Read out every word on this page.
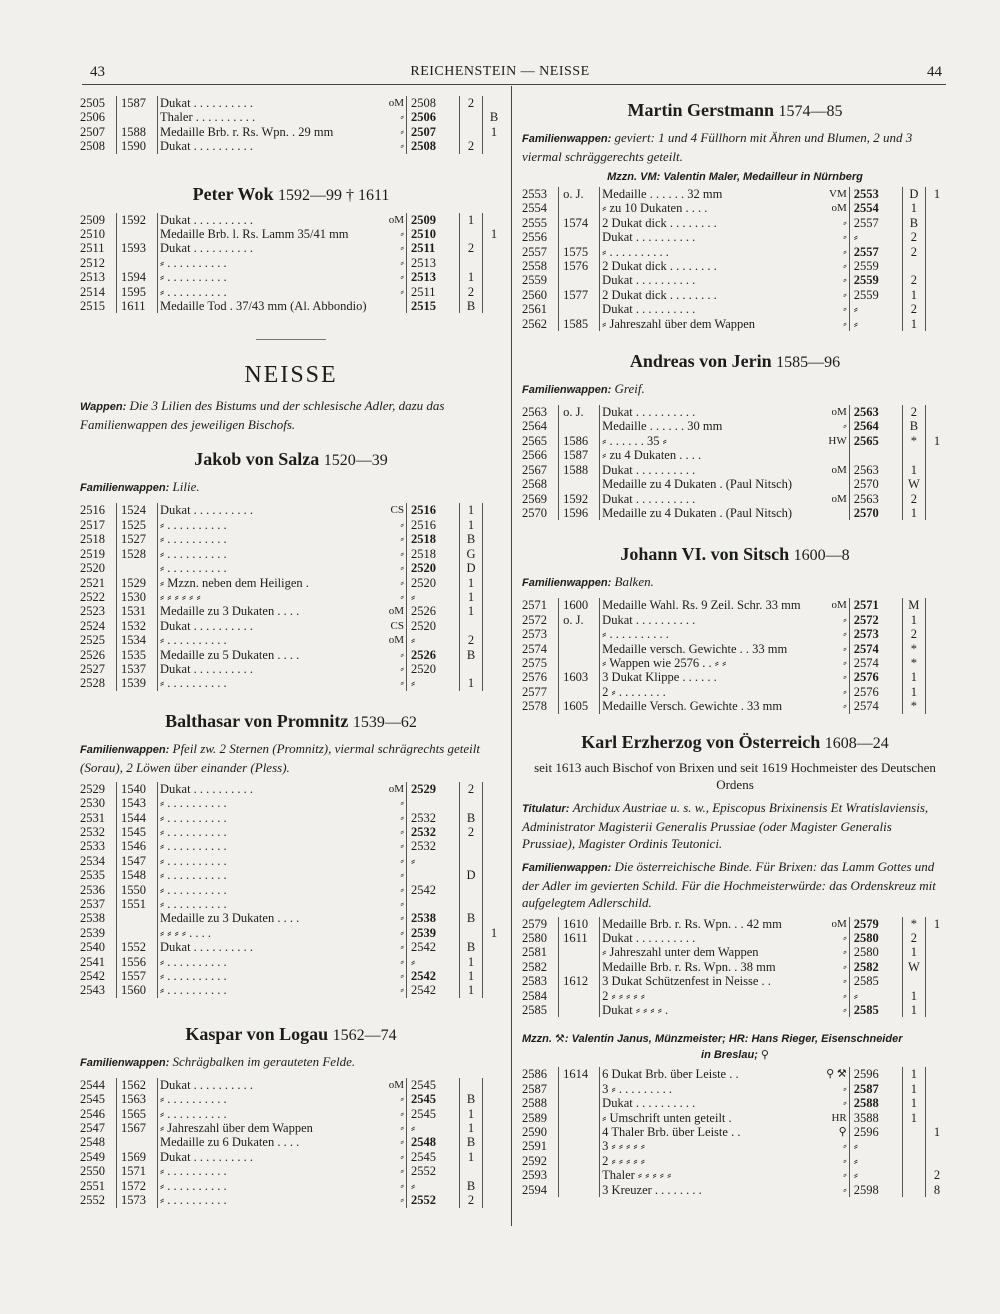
43	REICHENSTEIN — NEISSE	44
2505	1587	Dukat . . . . . . . . . .	oM	2508	2	
2506		Thaler . . . . . . . . . .	⸗	2506		B
2507	1588	Medaille Brb. r. Rs. Wpn. . 29 mm	⸗	2507		1
2508	1590	Dukat . . . . . . . . . .	⸗	2508	2	
Peter Wok 1592—99 † 1611
2509	1592	Dukat . . . . . . . . . .	oM	2509	1	
2510		Medaille Brb. l. Rs. Lamm 35/41 mm	⸗	2510		1
2511	1593	Dukat . . . . . . . . . .	⸗	2511	2	
2512		⸗ . . . . . . . . . .	⸗	2513		
2513	1594	⸗ . . . . . . . . . .	⸗	2513	1	
2514	1595	⸗ . . . . . . . . . .	⸗	2511	2	
2515	1611	Medaille Tod . 37/43 mm (Al. Abbondio)		2515	B	
NEISSE
Wappen: Die 3 Lilien des Bistums und der schlesische Adler, dazu das Familienwappen des jeweiligen Bischofs.
Jakob von Salza 1520—39
Familienwappen: Lilie.
2516	1524	Dukat . . . . . . . . . .	CS	2516	1	
2517	1525	⸗ . . . . . . . . . .	⸗	2516	1	
2518	1527	⸗ . . . . . . . . . .	⸗	2518	B	
2519	1528	⸗ . . . . . . . . . .	⸗	2518	G	
2520		⸗ . . . . . . . . . .	⸗	2520	D	
2521	1529	⸗ Mzzn. neben dem Heiligen .	⸗	2520	1	
2522	1530	⸗ ⸗ ⸗ ⸗ ⸗ ⸗	⸗	⸗	1	
2523	1531	Medaille zu 3 Dukaten . . . .	oM	2526	1	
2524	1532	Dukat . . . . . . . . . .	CS	2520		
2525	1534	⸗ . . . . . . . . . .	oM	⸗	2	
2526	1535	Medaille zu 5 Dukaten . . . .	⸗	2526	B	
2527	1537	Dukat . . . . . . . . . .	⸗	2520		
2528	1539	⸗ . . . . . . . . . .	⸗	⸗	1	
Balthasar von Promnitz 1539—62
Familienwappen: Pfeil zw. 2 Sternen (Promnitz), viermal schrägrechts geteilt (Sorau), 2 Löwen über einander (Pless).
2529	1540	Dukat . . . . . . . . . .	oM	2529	2	
2530	1543	⸗ . . . . . . . . . .	⸗			
2531	1544	⸗ . . . . . . . . . .	⸗	2532	B	
2532	1545	⸗ . . . . . . . . . .	⸗	2532	2	
2533	1546	⸗ . . . . . . . . . .	⸗	2532		
2534	1547	⸗ . . . . . . . . . .	⸗	⸗		
2535	1548	⸗ . . . . . . . . . .	⸗		D	
2536	1550	⸗ . . . . . . . . . .	⸗	2542		
2537	1551	⸗ . . . . . . . . . .	⸗			
2538		Medaille zu 3 Dukaten . . . .	⸗	2538	B	
2539		⸗ ⸗ ⸗ ⸗ . . . .	⸗	2539		1
2540	1552	Dukat . . . . . . . . . .	⸗	2542	B	
2541	1556	⸗ . . . . . . . . . .	⸗	⸗	1	
2542	1557	⸗ . . . . . . . . . .	⸗	2542	1	
2543	1560	⸗ . . . . . . . . . .	⸗	2542	1	
Kaspar von Logau 1562—74
Familienwappen: Schrägbalken im gerauteten Felde.
2544	1562	Dukat . . . . . . . . . .	oM	2545		
2545	1563	⸗ . . . . . . . . . .	⸗	2545	B	
2546	1565	⸗ . . . . . . . . . .	⸗	2545	1	
2547	1567	⸗ Jahreszahl über dem Wappen	⸗	⸗	1	
2548		Medaille zu 6 Dukaten . . . .	⸗	2548	B	
2549	1569	Dukat . . . . . . . . . .	⸗	2545	1	
2550	1571	⸗ . . . . . . . . . .	⸗	2552		
2551	1572	⸗ . . . . . . . . . .	⸗	⸗	B	
2552	1573	⸗ . . . . . . . . . .	⸗	2552	2	
Martin Gerstmann 1574—85
Familienwappen: geviert: 1 und 4 Füllhorn mit Ähren und Blumen, 2 und 3 viermal schräggerechts geteilt.
Mzzn. VM: Valentin Maler, Medailleur in Nürnberg
2553	o. J.	Medaille . . . . . . 32 mm	VM	2553	D	1
2554		⸗ zu 10 Dukaten . . . .	oM	2554	1	
2555	1574	2 Dukat dick . . . . . . . .	⸗	2557	B	
2556		Dukat . . . . . . . . . .	⸗	⸗	2	
2557	1575	⸗ . . . . . . . . . .	⸗	2557	2	
2558	1576	2 Dukat dick . . . . . . . .	⸗	2559		
2559		Dukat . . . . . . . . . .	⸗	2559	2	
2560	1577	2 Dukat dick . . . . . . . .	⸗	2559	1	
2561		Dukat . . . . . . . . . .	⸗	⸗	2	
2562	1585	⸗ Jahreszahl über dem Wappen	⸗	⸗	1	
Andreas von Jerin 1585—96
Familienwappen: Greif.
2563	o. J.	Dukat . . . . . . . . . .	oM	2563	2	
2564		Medaille . . . . . . 30 mm	⸗	2564	B	
2565	1586	⸗ . . . . . . 35 ⸗	HW	2565	*	1
2566	1587	⸗ zu 4 Dukaten . . . .				
2567	1588	Dukat . . . . . . . . . .	oM	2563	1	
2568		Medaille zu 4 Dukaten . (Paul Nitsch)		2570	W	
2569	1592	Dukat . . . . . . . . . .	oM	2563	2	
2570	1596	Medaille zu 4 Dukaten . (Paul Nitsch)		2570	1	
Johann VI. von Sitsch 1600—8
Familienwappen: Balken.
2571	1600	Medaille Wahl. Rs. 9 Zeil. Schr. 33 mm	oM	2571	M	
2572	o. J.	Dukat . . . . . . . . . .	⸗	2572	1	
2573		⸗ . . . . . . . . . .	⸗	2573	2	
2574		Medaille versch. Gewichte . . 33 mm	⸗	2574	*	
2575		⸗ Wappen wie 2576 . . ⸗ ⸗	⸗	2574	*	
2576	1603	3 Dukat Klippe . . . . . .	⸗	2576	1	
2577		2 ⸗ . . . . . . . .	⸗	2576	1	
2578	1605	Medaille Versch. Gewichte . 33 mm	⸗	2574	*	
Karl Erzherzog von Österreich 1608—24
seit 1613 auch Bischof von Brixen und seit 1619 Hochmeister des Deutschen Ordens
Titulatur: Archidux Austriae u. s. w., Episcopus Brixinensis Et Wratislaviensis, Administrator Magisterii Generalis Prussiae (oder Magister Generalis Prussiae), Magister Ordinis Teutonici.
Familienwappen: Die österreichische Binde. Für Brixen: das Lamm Gottes und der Adler im gevierten Schild. Für die Hochmeisterwürde: das Ordenskreuz mit aufgelegtem Adlerschild.
2579	1610	Medaille Brb. r. Rs. Wpn. . . 42 mm	oM	2579	*	1
2580	1611	Dukat . . . . . . . . . .	⸗	2580	2	
2581		⸗ Jahreszahl unter dem Wappen	⸗	2580	1	
2582		Medaille Brb. r. Rs. Wpn. . 38 mm	⸗	2582	W	
2583	1612	3 Dukat Schützenfest in Neisse . .	⸗	2585		
2584		2 ⸗ ⸗ ⸗ ⸗ ⸗	⸗	⸗	1	
2585		Dukat ⸗ ⸗ ⸗ ⸗ .	⸗	2585	1	
Mzzn. ⚒: Valentin Janus, Münzmeister; HR: Hans Rieger, Eisenschneider
in Breslau; ⚲
2586	1614	6 Dukat Brb. über Leiste . .	⚲ ⚒	2596	1	
2587		3 ⸗ . . . . . . . . .	⸗	2587	1	
2588		Dukat . . . . . . . . . .	⸗	2588	1	
2589		⸗ Umschrift unten geteilt .	HR	3588	1	
2590		4 Thaler Brb. über Leiste . .	⚲	2596		1
2591		3 ⸗ ⸗ ⸗ ⸗ ⸗	⸗	⸗		
2592		2 ⸗ ⸗ ⸗ ⸗ ⸗	⸗	⸗		
2593		Thaler ⸗ ⸗ ⸗ ⸗ ⸗	⸗	⸗		2
2594		3 Kreuzer . . . . . . . .	⸗	2598		8
